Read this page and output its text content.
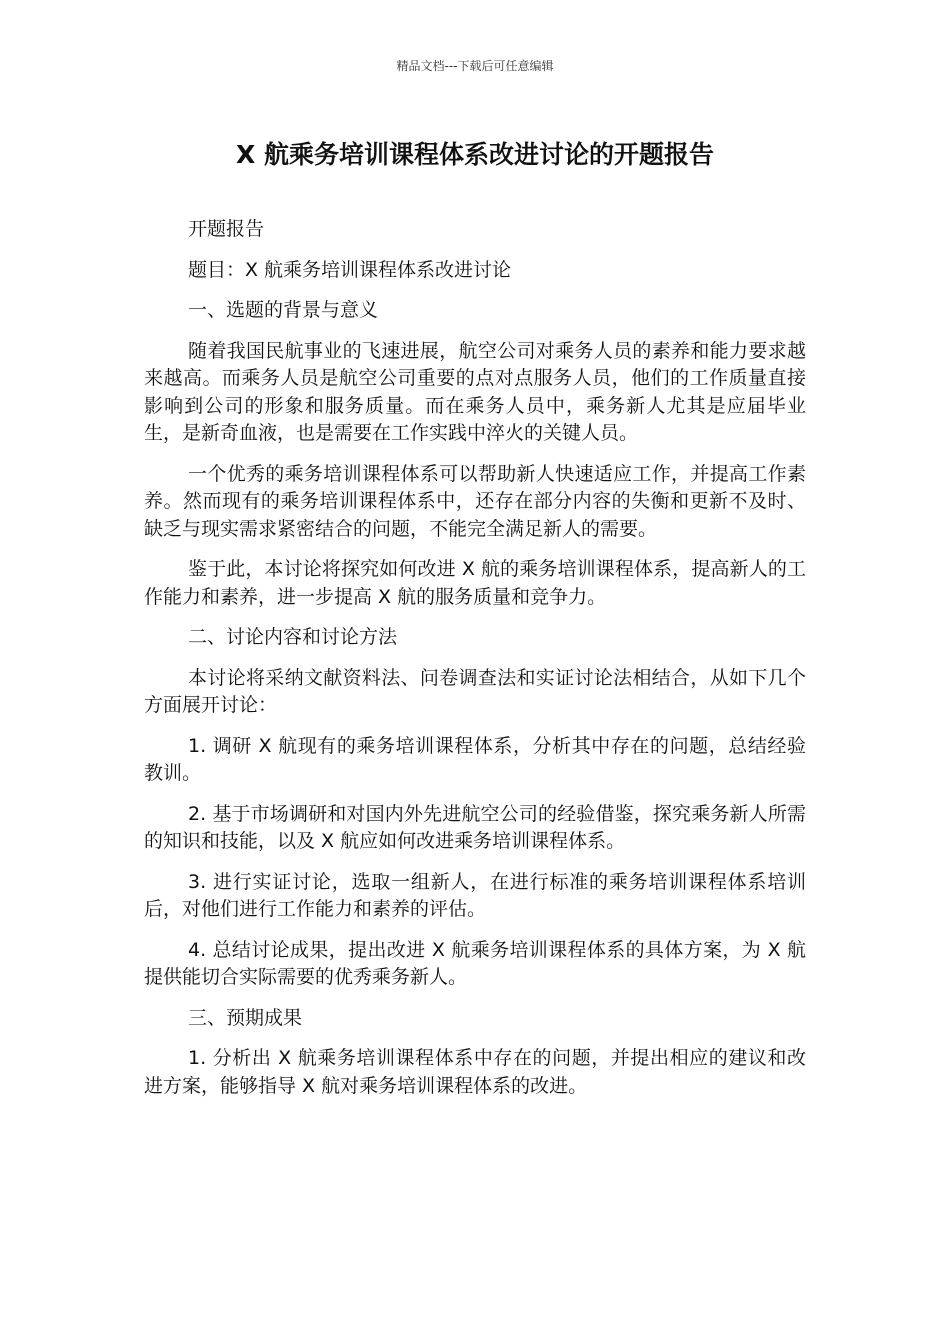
精品文档---下载后可任意编辑
X 航乘务培训课程体系改进讨论的开题报告

开题报告

题目：X 航乘务培训课程体系改进讨论

一、选题的背景与意义

随着我国民航事业的飞速进展，航空公司对乘务人员的素养和能力要求越来越高。而乘务人员是航空公司重要的点对点服务人员，他们的工作质量直接影响到公司的形象和服务质量。而在乘务人员中，乘务新人尤其是应届毕业生，是新奇血液，也是需要在工作实践中淬火的关键人员。

一个优秀的乘务培训课程体系可以帮助新人快速适应工作，并提高工作素养。然而现有的乘务培训课程体系中，还存在部分内容的失衡和更新不及时、缺乏与现实需求紧密结合的问题，不能完全满足新人的需要。

鉴于此，本讨论将探究如何改进 X 航的乘务培训课程体系，提高新人的工作能力和素养，进一步提高 X 航的服务质量和竞争力。

二、讨论内容和讨论方法

本讨论将采纳文献资料法、问卷调查法和实证讨论法相结合，从如下几个方面展开讨论：

1. 调研 X 航现有的乘务培训课程体系，分析其中存在的问题，总结经验教训。

2. 基于市场调研和对国内外先进航空公司的经验借鉴，探究乘务新人所需的知识和技能，以及 X 航应如何改进乘务培训课程体系。

3. 进行实证讨论，选取一组新人，在进行标准的乘务培训课程体系培训后，对他们进行工作能力和素养的评估。

4. 总结讨论成果，提出改进 X 航乘务培训课程体系的具体方案，为 X 航提供能切合实际需要的优秀乘务新人。

三、预期成果

1. 分析出 X 航乘务培训课程体系中存在的问题，并提出相应的建议和改进方案，能够指导 X 航对乘务培训课程体系的改进。
